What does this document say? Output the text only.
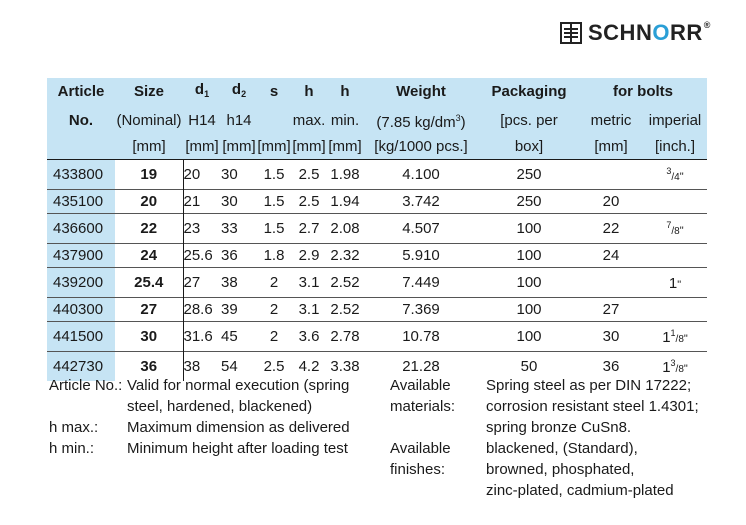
SCHNORR®
Article	Size	$d_1$	$d_2$	s	h	h	Weight	Packaging	for bolts	
No.	(Nominal)	H14	h14		max.	min.	(7.85 $kg/dm^3$)	[pcs. per	metric	imperial
	[mm]	[mm]	[mm]	[mm]	[mm]	[mm]	[kg/1000 pcs.]	box]	[mm]	[inch.]
433800	19	20	30	1.5	2.5	1.98	4.100	250		$^3$/4"
435100	20	21	30	1.5	2.5	1.94	3.742	250	20	
436600	22	23	33	1.5	2.7	2.08	4.507	100	22	$^7$/8"
437900	24	25.6	36	1.8	2.9	2.32	5.910	100	24	
439200	25.4	27	38	2	3.1	2.52	7.449	100		1"
440300	27	28.6	39	2	3.1	2.52	7.369	100	27	
441500	30	31.6	45	2	3.6	2.78	10.78	100	30	$1^1/8$"
442730	36	38	54	2.5	4.2	3.38	21.28	50	36	$1^3/8$"
Article No.: Valid for normal execution (spring
steel, hardened, blackened)
h max.:	Maximum dimension as delivered
h min.:	Minimum height after loading test
Available	Spring steel as per DIN 17222;
materials:	corrosion resistant steel 1.4301;
spring bronze CuSn8.
Available	blackened, (Standard),
finishes:	browned, phosphated,
zinc-plated, cadmium-plated
